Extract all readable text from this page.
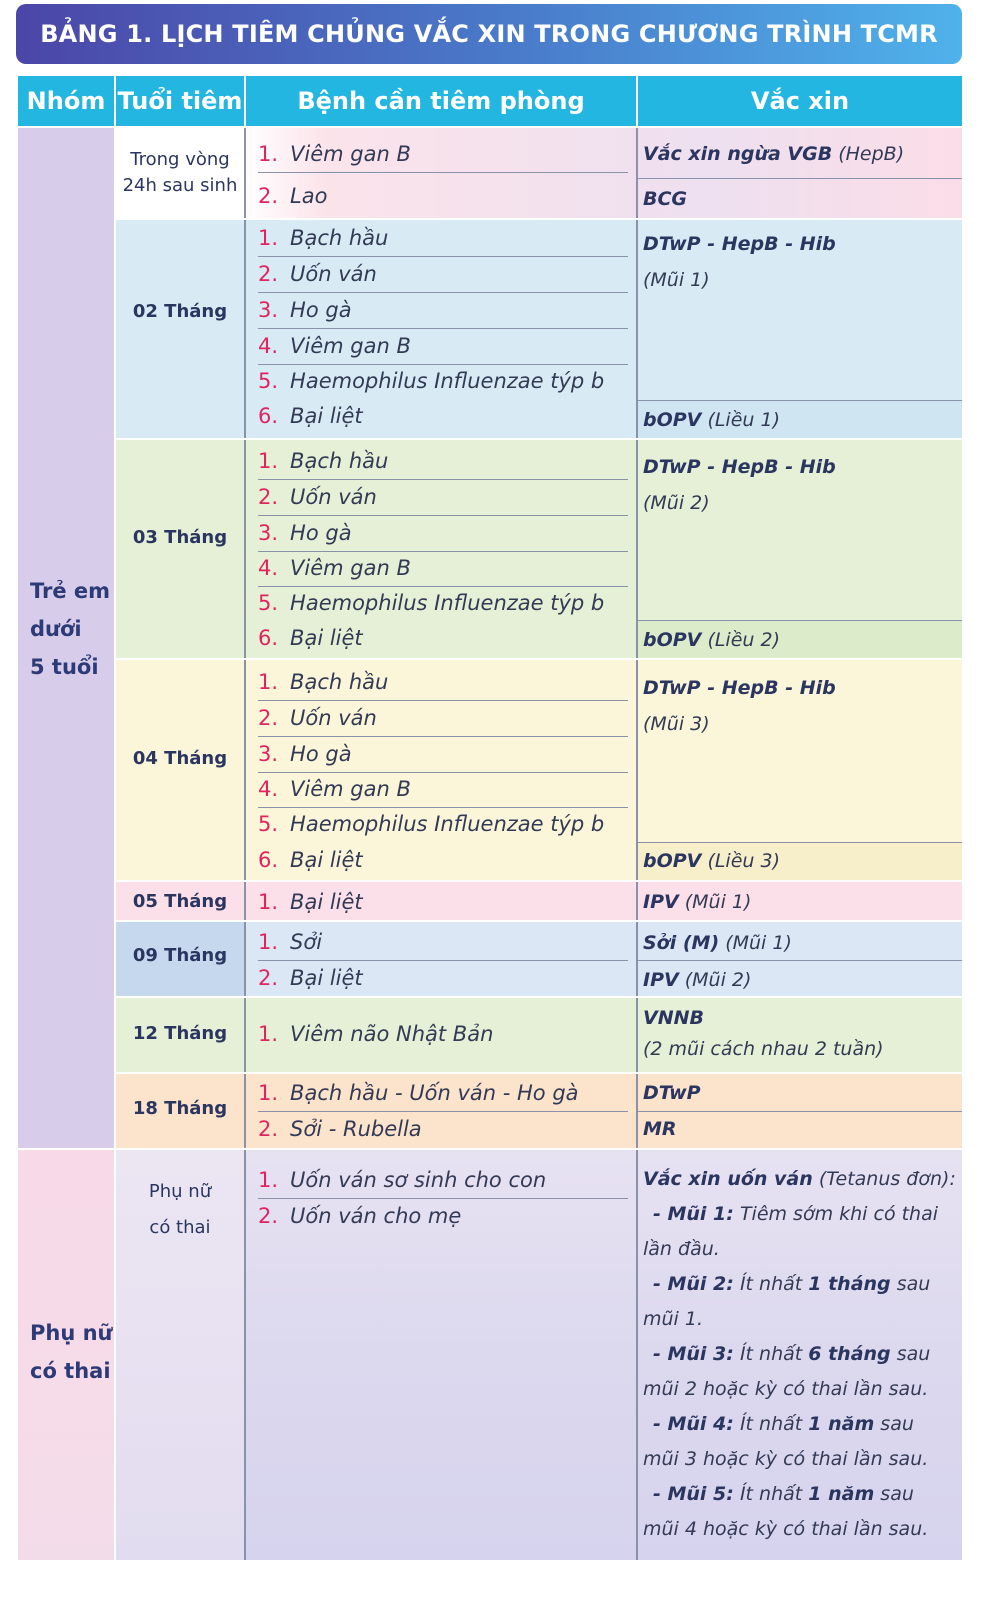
BẢNG 1. LỊCH TIÊM CHỦNG VẮC XIN TRONG CHƯƠNG TRÌNH TCMR
Nhóm Tuổi tiêm	Bệnh cần tiêm phòng	Vắc xin
Trẻ em
dưới
5 tuổi
Phụ nữ
có thai
Trong vòng
24h sau sinh
02 Tháng
03 Tháng
04 Tháng
05 Tháng
09 Tháng
12 Tháng
18 Tháng
Phụ nữ
có thai
1. Viêm gan B
2. Lao
1. Bạch hầu
2. Uốn ván
3. Ho gà
4. Viêm gan B
5. Haemophilus Influenzae týp b
6. Bại liệt
1. Bạch hầu
2. Uốn ván
3. Ho gà
4. Viêm gan B
5. Haemophilus Influenzae týp b
6. Bại liệt
1. Bạch hầu
2. Uốn ván
3. Ho gà
4. Viêm gan B
5. Haemophilus Influenzae týp b
6. Bại liệt
1. Bại liệt
1. Sởi
2. Bại liệt
1. Viêm não Nhật Bản
1. Bạch hầu - Uốn ván - Ho gà
2. Sởi - Rubella
1. Uốn ván sơ sinh cho con
2. Uốn ván cho mẹ
Vắc xin ngừa VGB (HepB)
BCG
DTwP - HepB - Hib
(Mũi 1)
bOPV (Liều 1)
DTwP - HepB - Hib
(Mũi 2)
bOPV (Liều 2)
DTwP - HepB - Hib
(Mũi 3)
bOPV (Liều 3)
IPV (Mũi 1)
Sởi (M) (Mũi 1)
IPV (Mũi 2)
VNNB
(2 mũi cách nhau 2 tuần)
DTwP
MR
Vắc xin uốn ván (Tetanus đơn):
- Mũi 1: Tiêm sớm khi có thai
lần đầu.
- Mũi 2: Ít nhất 1 tháng sau
mũi 1.
- Mũi 3: Ít nhất 6 tháng sau
mũi 2 hoặc kỳ có thai lần sau.
- Mũi 4: Ít nhất 1 năm sau
mũi 3 hoặc kỳ có thai lần sau.
- Mũi 5: Ít nhất 1 năm sau
mũi 4 hoặc kỳ có thai lần sau.
